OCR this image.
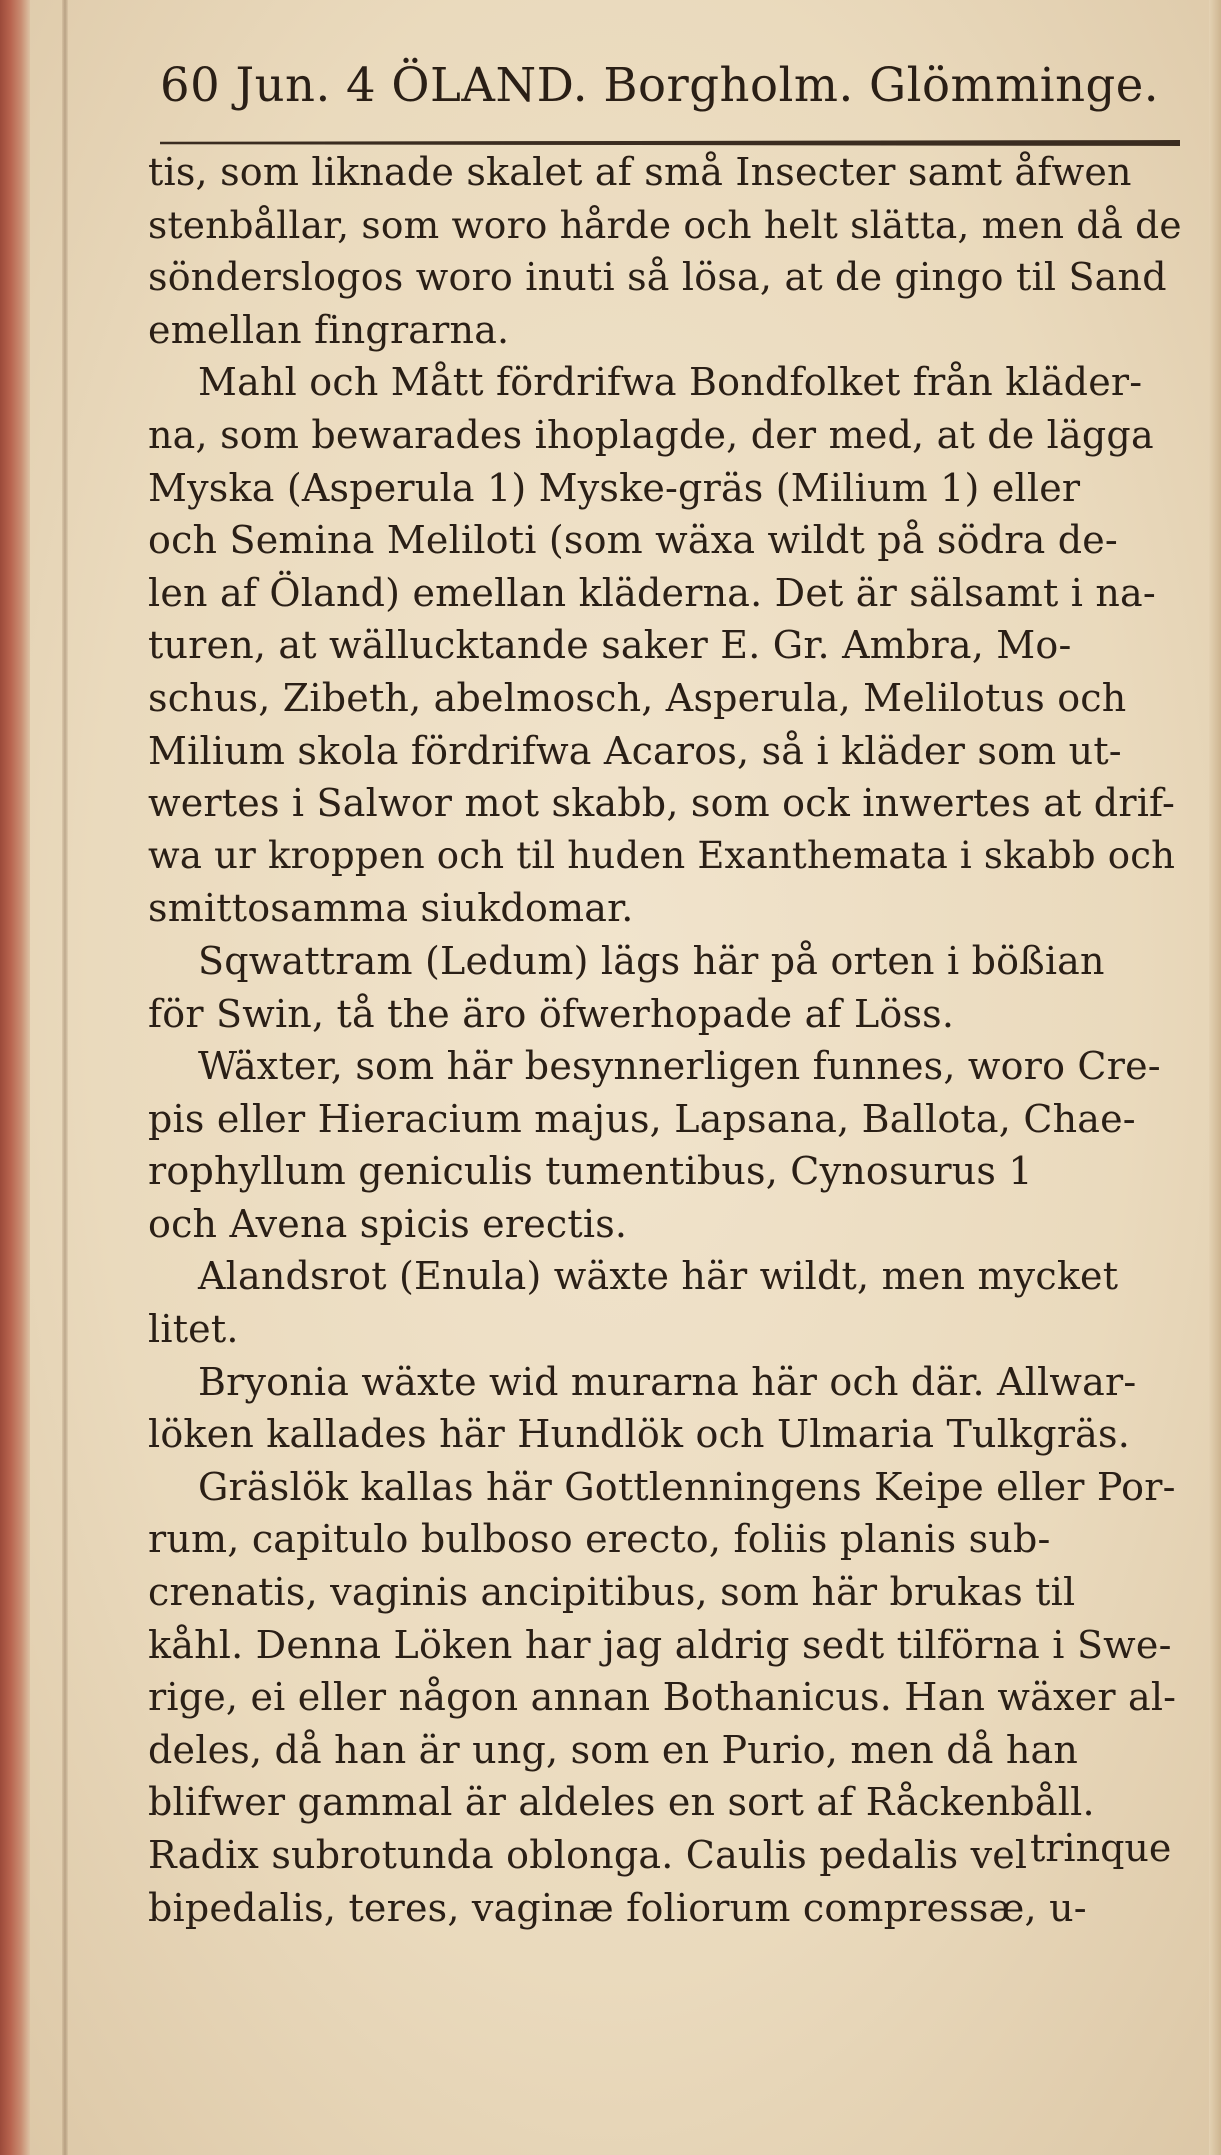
60 Jun. 4 ÖLAND. Borgholm. Glömminge.
tis, som liknade skalet af små Insecter samt åfwen
stenbållar, som woro hårde och helt slätta, men då de
sönderslogos woro inuti så lösa, at de gingo til Sand
emellan fingrarna.
Mahl och Mått fördrifwa Bondfolket från kläder-
na, som bewarades ihoplagde, der med, at de lägga
Myska (Asperula 1) Myske-gräs (Milium 1) eller
och Semina Meliloti (som wäxa wildt på södra de-
len af Öland) emellan kläderna. Det är sälsamt i na-
turen, at wällucktande saker E. Gr. Ambra, Mo-
schus, Zibeth, abelmosch, Asperula, Melilotus och
Milium skola fördrifwa Acaros, så i kläder som ut-
wertes i Salwor mot skabb, som ock inwertes at drif-
wa ur kroppen och til huden Exanthemata i skabb och
smittosamma siukdomar.
Sqwattram (Ledum) lägs här på orten i bößian
för Swin, tå the äro öfwerhopade af Löss.
Wäxter, som här besynnerligen funnes, woro Cre-
pis eller Hieracium majus, Lapsana, Ballota, Chae-
rophyllum geniculis tumentibus, Cynosurus 1
och Avena spicis erectis.
Alandsrot (Enula) wäxte här wildt, men mycket
litet.
Bryonia wäxte wid murarna här och där. Allwar-
löken kallades här Hundlök och Ulmaria Tulkgräs.
Gräslök kallas här Gottlenningens Keipe eller Por-
rum, capitulo bulboso erecto, foliis planis sub-
crenatis, vaginis ancipitibus, som här brukas til
kåhl. Denna Löken har jag aldrig sedt tilförna i Swe-
rige, ei eller någon annan Bothanicus. Han wäxer al-
deles, då han är ung, som en Purio, men då han
blifwer gammal är aldeles en sort af Råckenbåll.
Radix subrotunda oblonga. Caulis pedalis vel
bipedalis, teres, vaginæ foliorum compressæ, u-
trinque
